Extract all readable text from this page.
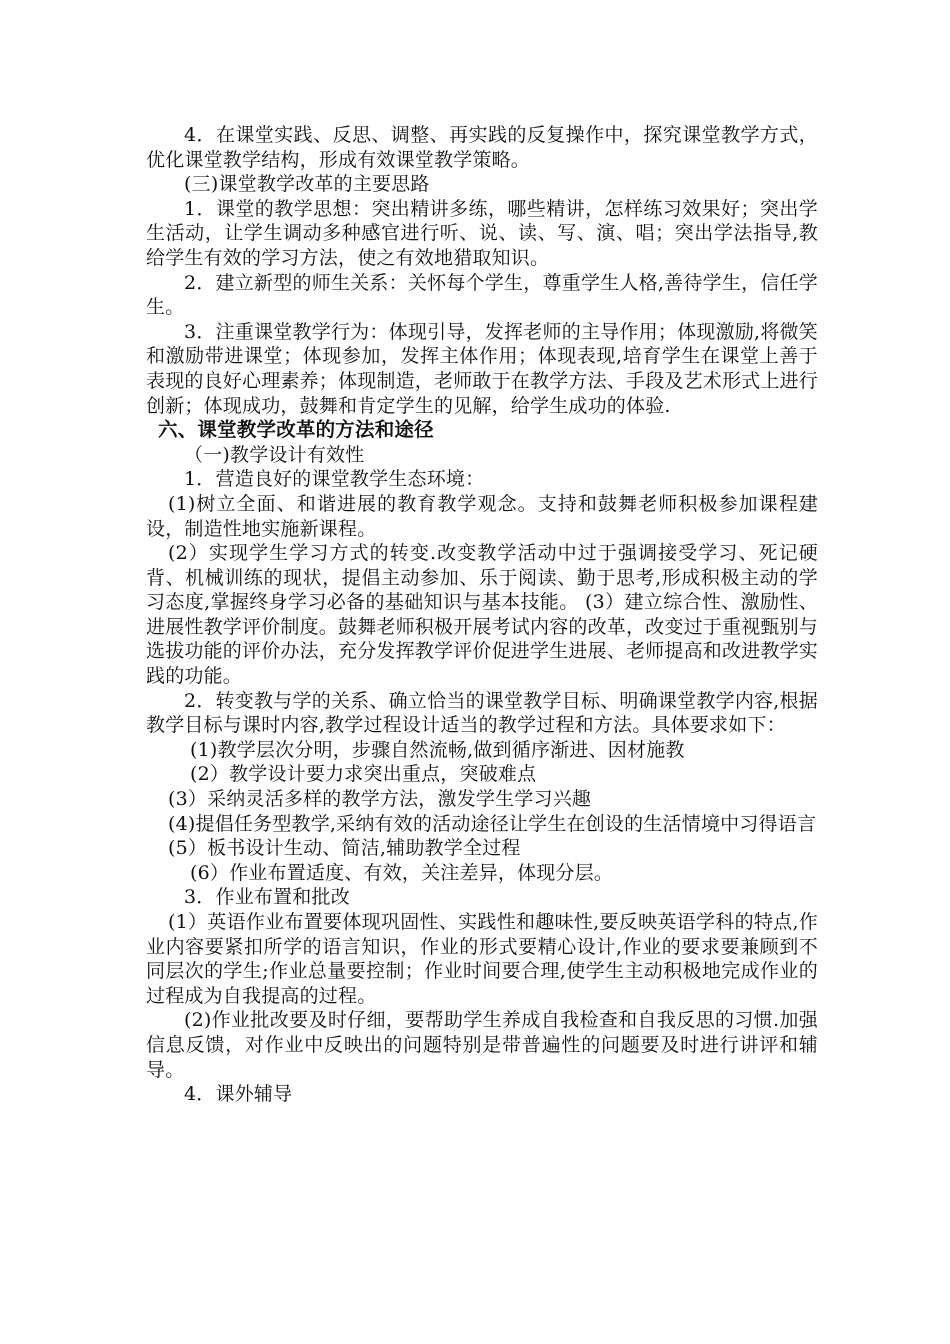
4．在课堂实践、反思、调整、再实践的反复操作中，探究课堂教学方式，优化课堂教学结构，形成有效课堂教学策略。

(三)课堂教学改革的主要思路

1．课堂的教学思想：突出精讲多练，哪些精讲，怎样练习效果好；突出学生活动，让学生调动多种感官进行听、说、读、写、演、唱；突出学法指导,教给学生有效的学习方法，使之有效地猎取知识。

2．建立新型的师生关系：关怀每个学生，尊重学生人格,善待学生，信任学生。

3．注重课堂教学行为：体现引导，发挥老师的主导作用；体现激励,将微笑和激励带进课堂；体现参加，发挥主体作用；体现表现,培育学生在课堂上善于表现的良好心理素养；体现制造，老师敢于在教学方法、手段及艺术形式上进行创新；体现成功，鼓舞和肯定学生的见解，给学生成功的体验.

六、课堂教学改革的方法和途径

（一)教学设计有效性

1．营造良好的课堂教学生态环境：

(1)树立全面、和谐进展的教育教学观念。支持和鼓舞老师积极参加课程建设，制造性地实施新课程。

(2）实现学生学习方式的转变.改变教学活动中过于强调接受学习、死记硬背、机械训练的现状，提倡主动参加、乐于阅读、勤于思考,形成积极主动的学习态度,掌握终身学习必备的基础知识与基本技能。 (3）建立综合性、激励性、进展性教学评价制度。鼓舞老师积极开展考试内容的改革，改变过于重视甄别与选拔功能的评价办法，充分发挥教学评价促进学生进展、老师提高和改进教学实践的功能。

2．转变教与学的关系、确立恰当的课堂教学目标、明确课堂教学内容,根据教学目标与课时内容,教学过程设计适当的教学过程和方法。具体要求如下：

(1)教学层次分明，步骤自然流畅,做到循序渐进、因材施教

(2）教学设计要力求突出重点，突破难点

(3）采纳灵活多样的教学方法，激发学生学习兴趣

(4)提倡任务型教学,采纳有效的活动途径让学生在创设的生活情境中习得语言

(5）板书设计生动、简洁,辅助教学全过程

(6）作业布置适度、有效，关注差异，体现分层。

3．作业布置和批改

(1）英语作业布置要体现巩固性、实践性和趣味性,要反映英语学科的特点,作业内容要紧扣所学的语言知识，作业的形式要精心设计,作业的要求要兼顾到不同层次的学生;作业总量要控制；作业时间要合理,使学生主动积极地完成作业的过程成为自我提高的过程。

(2)作业批改要及时仔细，要帮助学生养成自我检查和自我反思的习惯.加强信息反馈，对作业中反映出的问题特别是带普遍性的问题要及时进行讲评和辅导。

4．课外辅导
